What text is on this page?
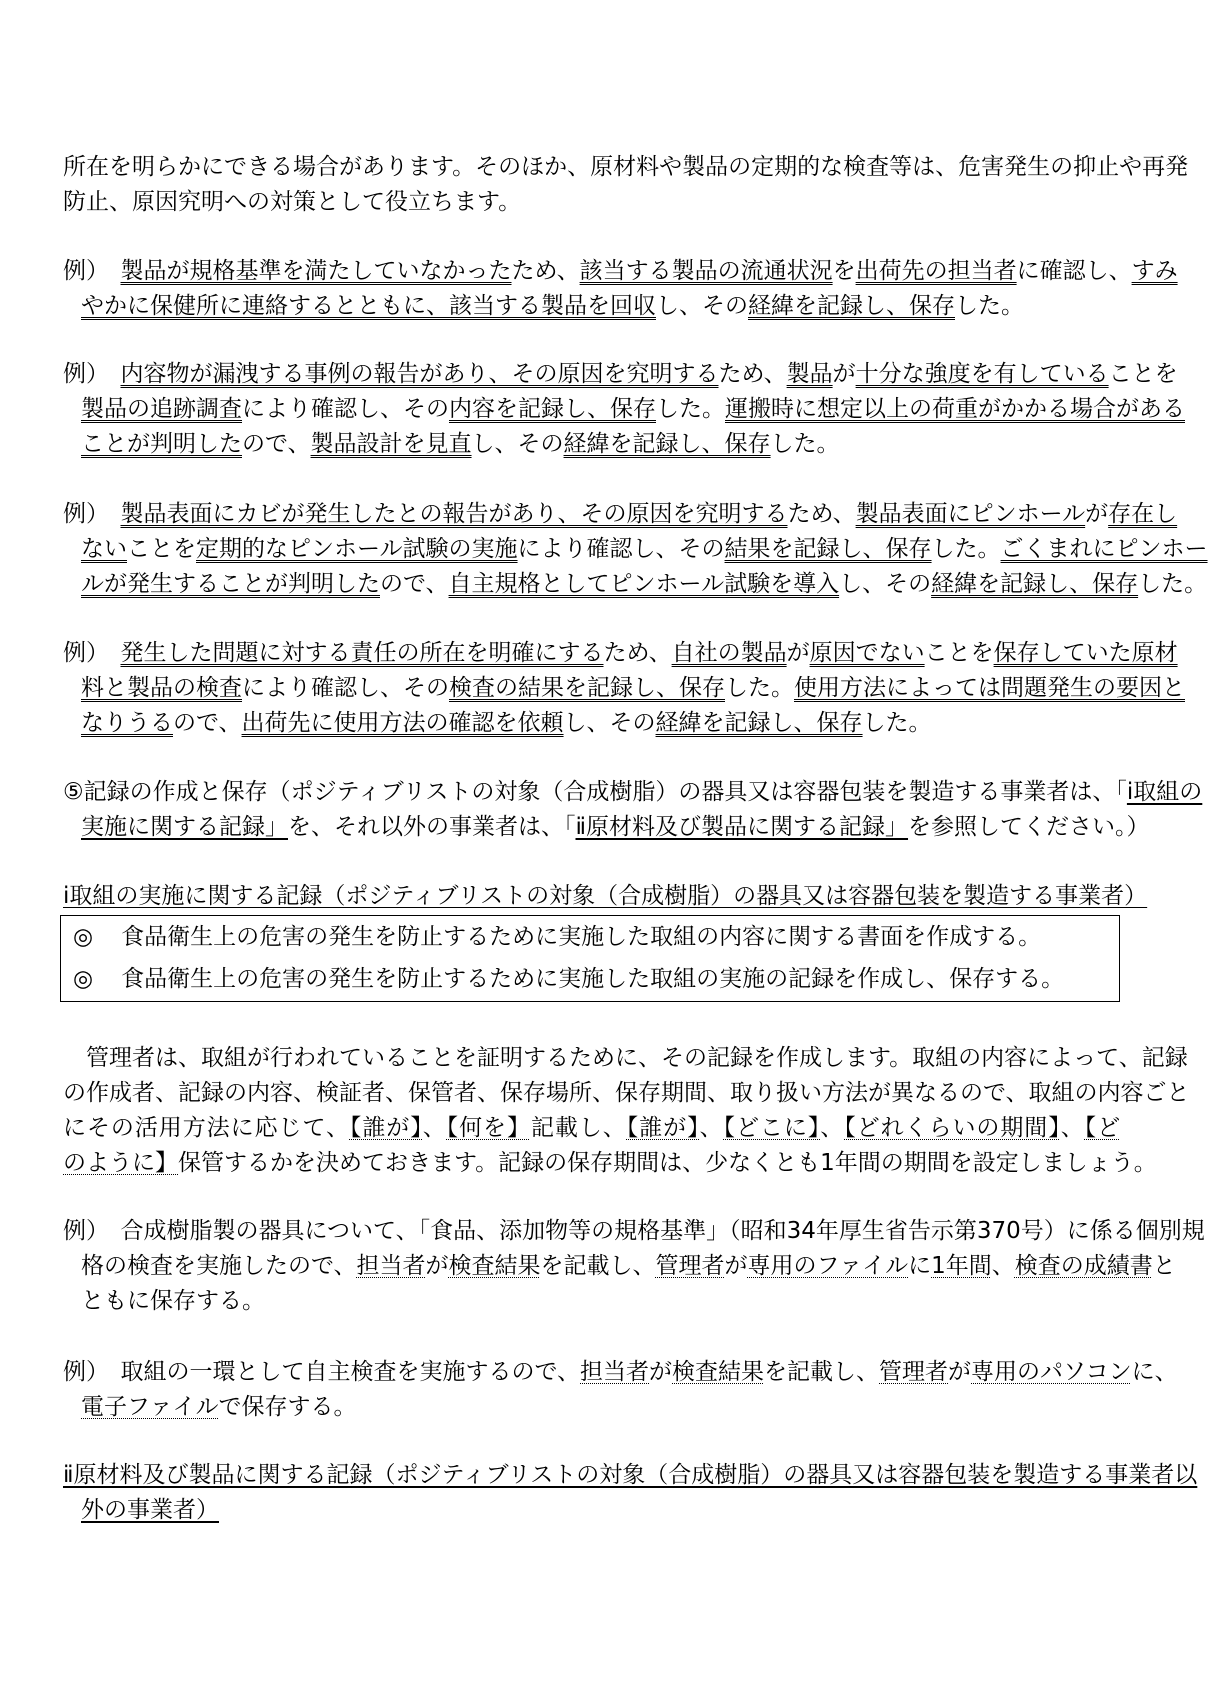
所在を明らかにできる場合があります。そのほか、原材料や製品の定期的な検査等は、危害発生の抑止や再発
防止、原因究明への対策として役立ちます。
例）　製品が規格基準を満たしていなかったため、該当する製品の流通状況を出荷先の担当者に確認し、すみ
やかに保健所に連絡するとともに、該当する製品を回収し、その経緯を記録し、保存した。
例）　内容物が漏洩する事例の報告があり、その原因を究明するため、製品が十分な強度を有していることを
製品の追跡調査により確認し、その内容を記録し、保存した。運搬時に想定以上の荷重がかかる場合がある
ことが判明したので、製品設計を見直し、その経緯を記録し、保存した。
例）　製品表面にカビが発生したとの報告があり、その原因を究明するため、製品表面にピンホールが存在し
ないことを定期的なピンホール試験の実施により確認し、その結果を記録し、保存した。ごくまれにピンホー
ルが発生することが判明したので、自主規格としてピンホール試験を導入し、その経緯を記録し、保存した。
例）　発生した問題に対する責任の所在を明確にするため、自社の製品が原因でないことを保存していた原材
料と製品の検査により確認し、その検査の結果を記録し、保存した。使用方法によっては問題発生の要因と
なりうるので、出荷先に使用方法の確認を依頼し、その経緯を記録し、保存した。
⑤記録の作成と保存（ポジティブリストの対象（合成樹脂）の器具又は容器包装を製造する事業者は、「ⅰ取組の
実施に関する記録」を、それ以外の事業者は、「ⅱ原材料及び製品に関する記録」を参照してください。）
ⅰ取組の実施に関する記録（ポジティブリストの対象（合成樹脂）の器具又は容器包装を製造する事業者）
　管理者は、取組が行われていることを証明するために、その記録を作成します。取組の内容によって、記録
の作成者、記録の内容、検証者、保管者、保存場所、保存期間、取り扱い方法が異なるので、取組の内容ごと
にその活用方法に応じて、【誰が】、【何を】記載し、【誰が】、【どこに】、【どれくらいの期間】、【ど
のように】保管するかを決めておきます。記録の保存期間は、少なくとも1年間の期間を設定しましょう。
例）　合成樹脂製の器具について、「食品、添加物等の規格基準」（昭和34年厚生省告示第370号）に係る個別規
格の検査を実施したので、担当者が検査結果を記載し、管理者が専用のファイルに1年間、検査の成績書と
ともに保存する。
例）　取組の一環として自主検査を実施するので、担当者が検査結果を記載し、管理者が専用のパソコンに、
電子ファイルで保存する。
ⅱ原材料及び製品に関する記録（ポジティブリストの対象（合成樹脂）の器具又は容器包装を製造する事業者以
外の事業者）
◎ 食品衛生上の危害の発生を防止するために実施した取組の内容に関する書面を作成する。
◎ 食品衛生上の危害の発生を防止するために実施した取組の実施の記録を作成し、保存する。
